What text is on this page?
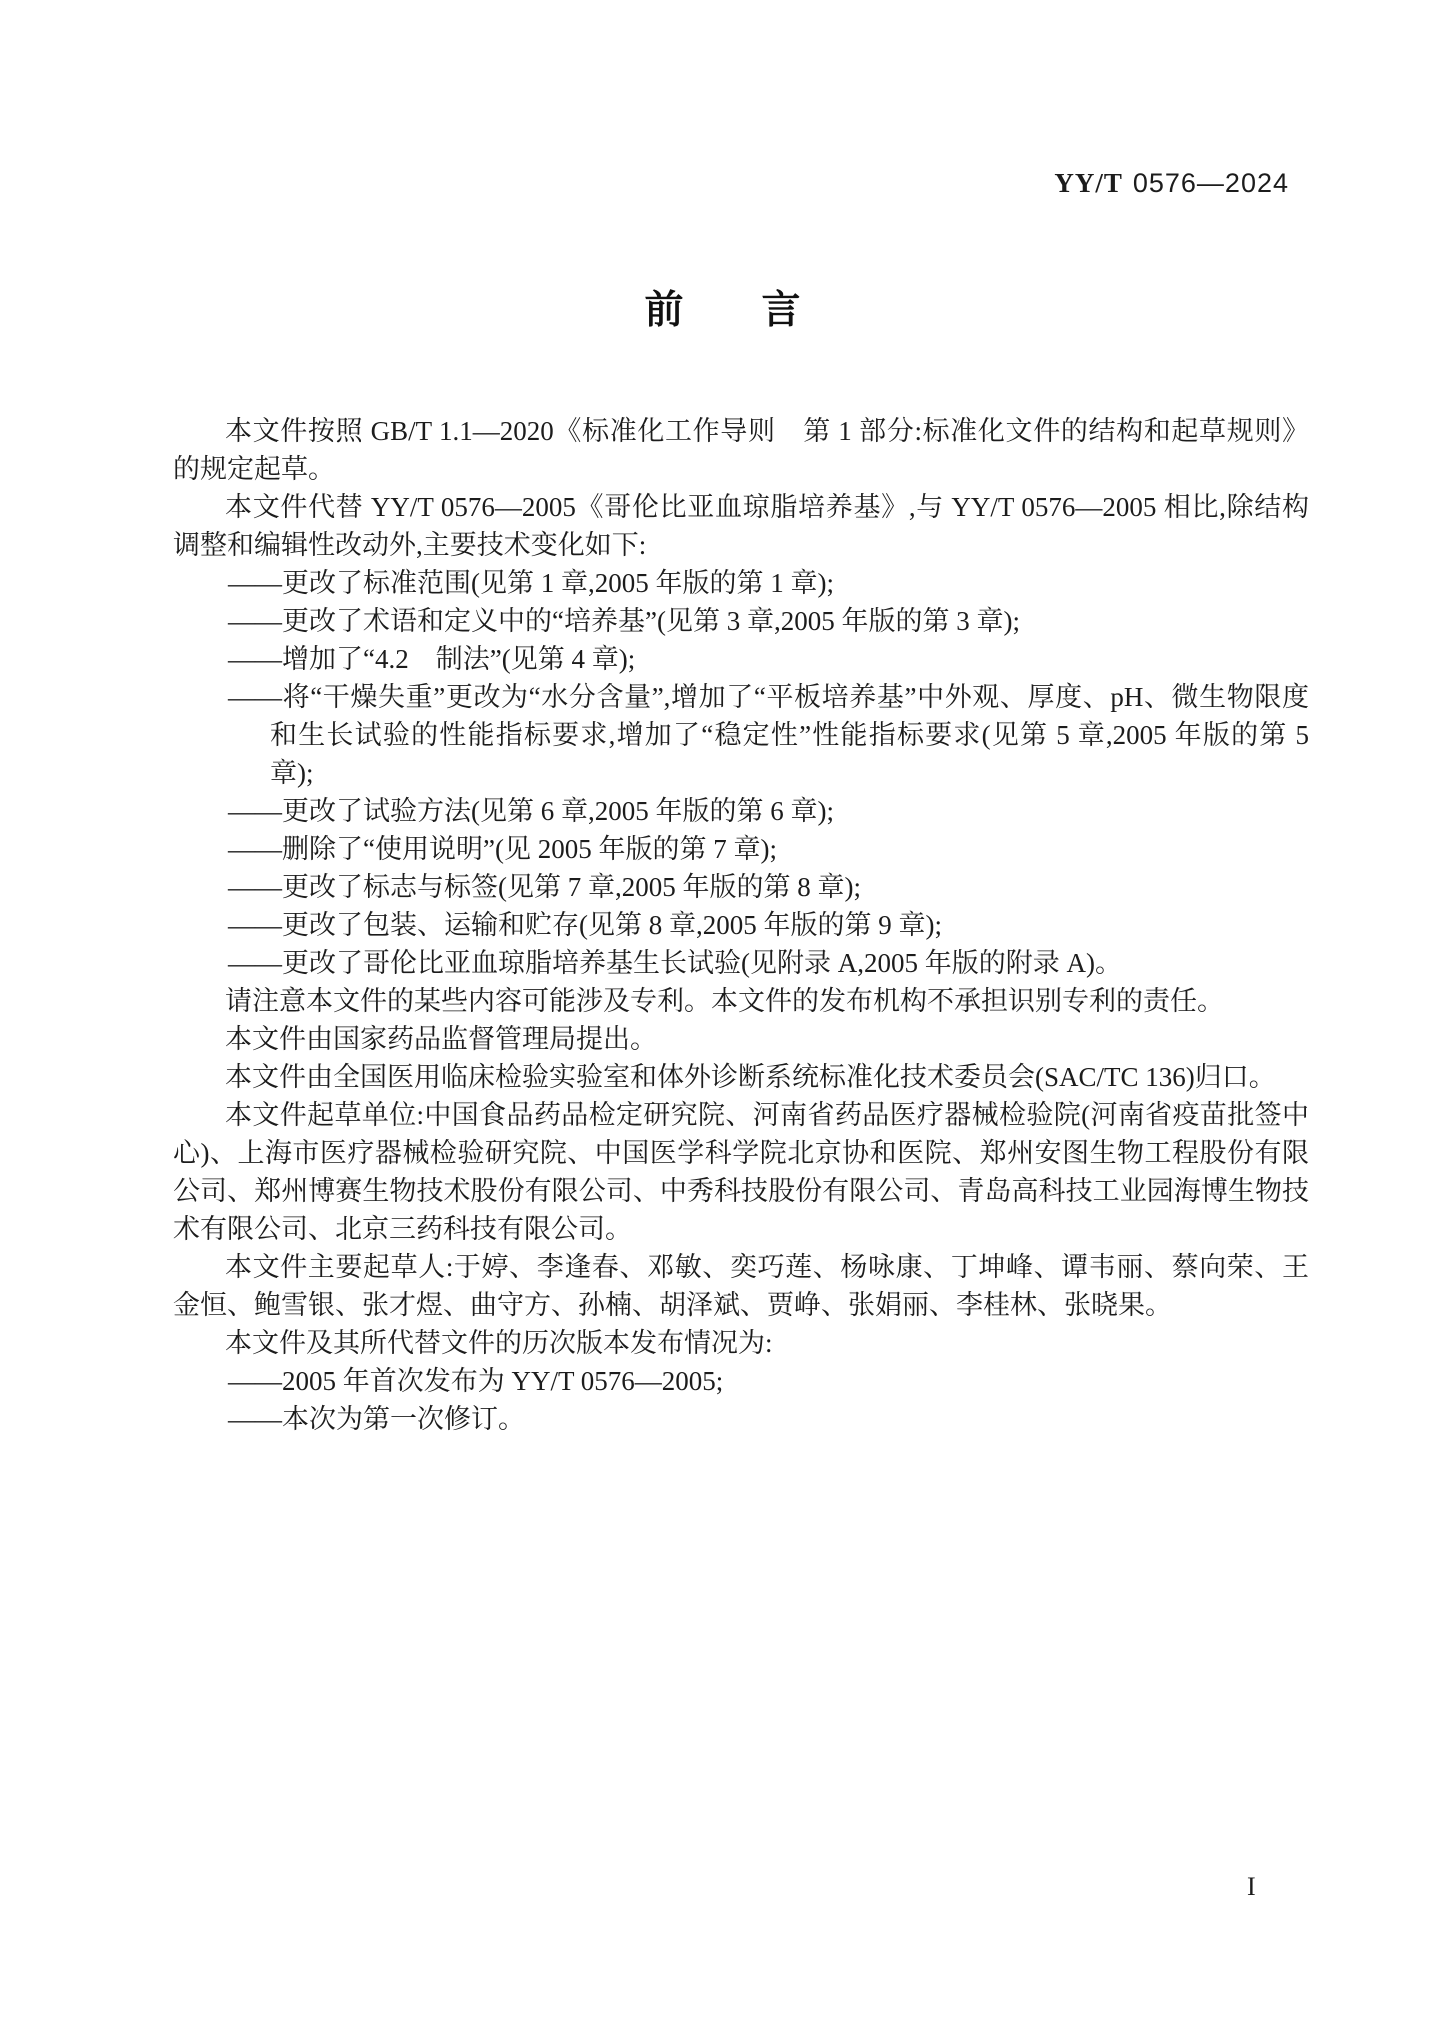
YY/T 0576—2024
前　　言

本文件按照 GB/T 1.1—2020《标准化工作导则　第 1 部分:标准化文件的结构和起草规则》的规定起草。

本文件代替 YY/T 0576—2005《哥伦比亚血琼脂培养基》,与 YY/T 0576—2005 相比,除结构调整和编辑性改动外,主要技术变化如下:

——更改了标准范围(见第 1 章,2005 年版的第 1 章);

——更改了术语和定义中的“培养基”(见第 3 章,2005 年版的第 3 章);

——增加了“4.2　制法”(见第 4 章);

——将“干燥失重”更改为“水分含量”,增加了“平板培养基”中外观、厚度、pH、微生物限度和生长试验的性能指标要求,增加了“稳定性”性能指标要求(见第 5 章,2005 年版的第 5 章);

——更改了试验方法(见第 6 章,2005 年版的第 6 章);

——删除了“使用说明”(见 2005 年版的第 7 章);

——更改了标志与标签(见第 7 章,2005 年版的第 8 章);

——更改了包装、运输和贮存(见第 8 章,2005 年版的第 9 章);

——更改了哥伦比亚血琼脂培养基生长试验(见附录 A,2005 年版的附录 A)。

请注意本文件的某些内容可能涉及专利。本文件的发布机构不承担识别专利的责任。

本文件由国家药品监督管理局提出。

本文件由全国医用临床检验实验室和体外诊断系统标准化技术委员会(SAC/TC 136)归口。

本文件起草单位:中国食品药品检定研究院、河南省药品医疗器械检验院(河南省疫苗批签中心)、上海市医疗器械检验研究院、中国医学科学院北京协和医院、郑州安图生物工程股份有限公司、郑州博赛生物技术股份有限公司、中秀科技股份有限公司、青岛高科技工业园海博生物技术有限公司、北京三药科技有限公司。

本文件主要起草人:于婷、李逢春、邓敏、奕巧莲、杨咏康、丁坤峰、谭韦丽、蔡向荣、王金恒、鲍雪银、张才煜、曲守方、孙楠、胡泽斌、贾峥、张娟丽、李桂林、张晓果。

本文件及其所代替文件的历次版本发布情况为:

——2005 年首次发布为 YY/T 0576—2005;

——本次为第一次修订。

I
